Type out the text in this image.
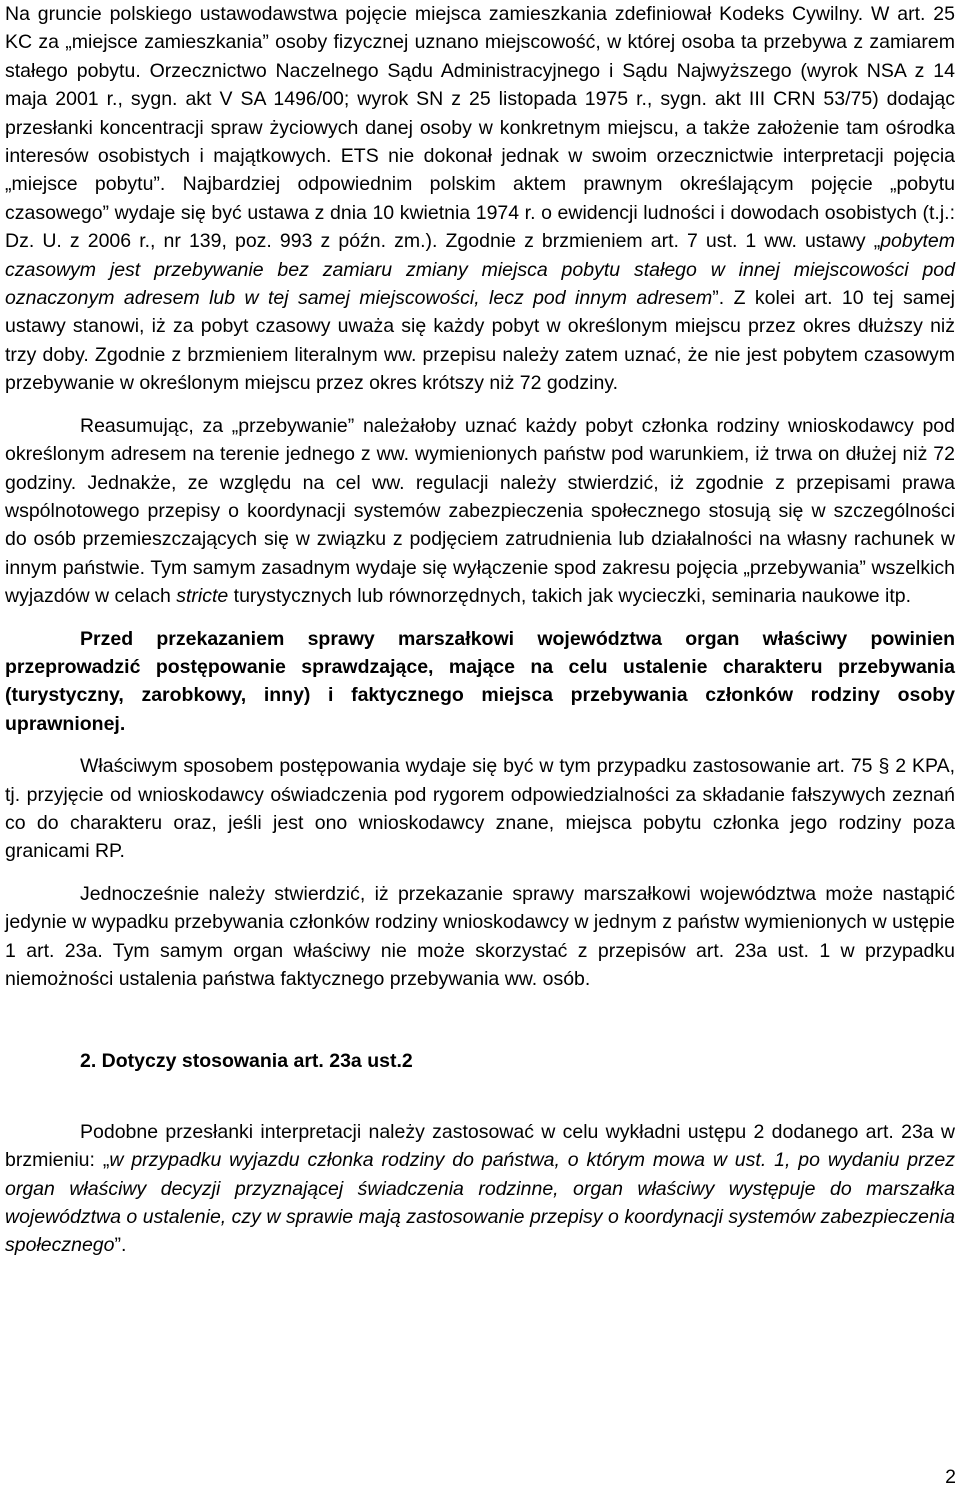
Na gruncie polskiego ustawodawstwa pojęcie miejsca zamieszkania zdefiniował Kodeks Cywilny. W art. 25 KC za „miejsce zamieszkania” osoby fizycznej uznano miejscowość, w której osoba ta przebywa z zamiarem stałego pobytu. Orzecznictwo Naczelnego Sądu Administracyjnego i Sądu Najwyższego (wyrok NSA z 14 maja 2001 r., sygn. akt V SA 1496/00; wyrok SN z 25 listopada 1975 r., sygn. akt III CRN 53/75) dodając przesłanki koncentracji spraw życiowych danej osoby w konkretnym miejscu, a także założenie tam ośrodka interesów osobistych i majątkowych. ETS nie dokonał jednak w swoim orzecznictwie interpretacji pojęcia „miejsce pobytu”. Najbardziej odpowiednim polskim aktem prawnym określającym pojęcie „pobytu czasowego” wydaje się być ustawa z dnia 10 kwietnia 1974 r. o ewidencji ludności i dowodach osobistych (t.j.: Dz. U. z 2006 r., nr 139, poz. 993 z późn. zm.). Zgodnie z brzmieniem art. 7 ust. 1 ww. ustawy „pobytem czasowym jest przebywanie bez zamiaru zmiany miejsca pobytu stałego w innej miejscowości pod oznaczonym adresem lub w tej samej miejscowości, lecz pod innym adresem”. Z kolei art. 10 tej samej ustawy stanowi, iż za pobyt czasowy uważa się każdy pobyt w określonym miejscu przez okres dłuższy niż trzy doby. Zgodnie z brzmieniem literalnym ww. przepisu należy zatem uznać, że nie jest pobytem czasowym przebywanie w określonym miejscu przez okres krótszy niż 72 godziny.

Reasumując, za „przebywanie” należałoby uznać każdy pobyt członka rodziny wnioskodawcy pod określonym adresem na terenie jednego z ww. wymienionych państw pod warunkiem, iż trwa on dłużej niż 72 godziny. Jednakże, ze względu na cel ww. regulacji należy stwierdzić, iż zgodnie z przepisami prawa wspólnotowego przepisy o koordynacji systemów zabezpieczenia społecznego stosują się w szczególności do osób przemieszczających się w związku z podjęciem zatrudnienia lub działalności na własny rachunek w innym państwie. Tym samym zasadnym wydaje się wyłączenie spod zakresu pojęcia „przebywania” wszelkich wyjazdów w celach stricte turystycznych lub równorzędnych, takich jak wycieczki, seminaria naukowe itp.

Przed przekazaniem sprawy marszałkowi województwa organ właściwy powinien przeprowadzić postępowanie sprawdzające, mające na celu ustalenie charakteru przebywania (turystyczny, zarobkowy, inny) i faktycznego miejsca przebywania członków rodziny osoby uprawnionej.

Właściwym sposobem postępowania wydaje się być w tym przypadku zastosowanie art. 75 § 2 KPA, tj. przyjęcie od wnioskodawcy oświadczenia pod rygorem odpowiedzialności za składanie fałszywych zeznań co do charakteru oraz, jeśli jest ono wnioskodawcy znane, miejsca pobytu członka jego rodziny poza granicami RP.

Jednocześnie należy stwierdzić, iż przekazanie sprawy marszałkowi województwa może nastąpić jedynie w wypadku przebywania członków rodziny wnioskodawcy w jednym z państw wymienionych w ustępie 1 art. 23a. Tym samym organ właściwy nie może skorzystać z przepisów art. 23a ust. 1 w przypadku niemożności ustalenia państwa faktycznego przebywania ww. osób.

2. Dotyczy stosowania art. 23a ust.2

Podobne przesłanki interpretacji należy zastosować w celu wykładni ustępu 2 dodanego art. 23a w brzmieniu: „w przypadku wyjazdu członka rodziny do państwa, o którym mowa w ust. 1, po wydaniu przez organ właściwy decyzji przyznającej świadczenia rodzinne, organ właściwy występuje do marszałka województwa o ustalenie, czy w sprawie mają zastosowanie przepisy o koordynacji systemów zabezpieczenia społecznego”.

2
